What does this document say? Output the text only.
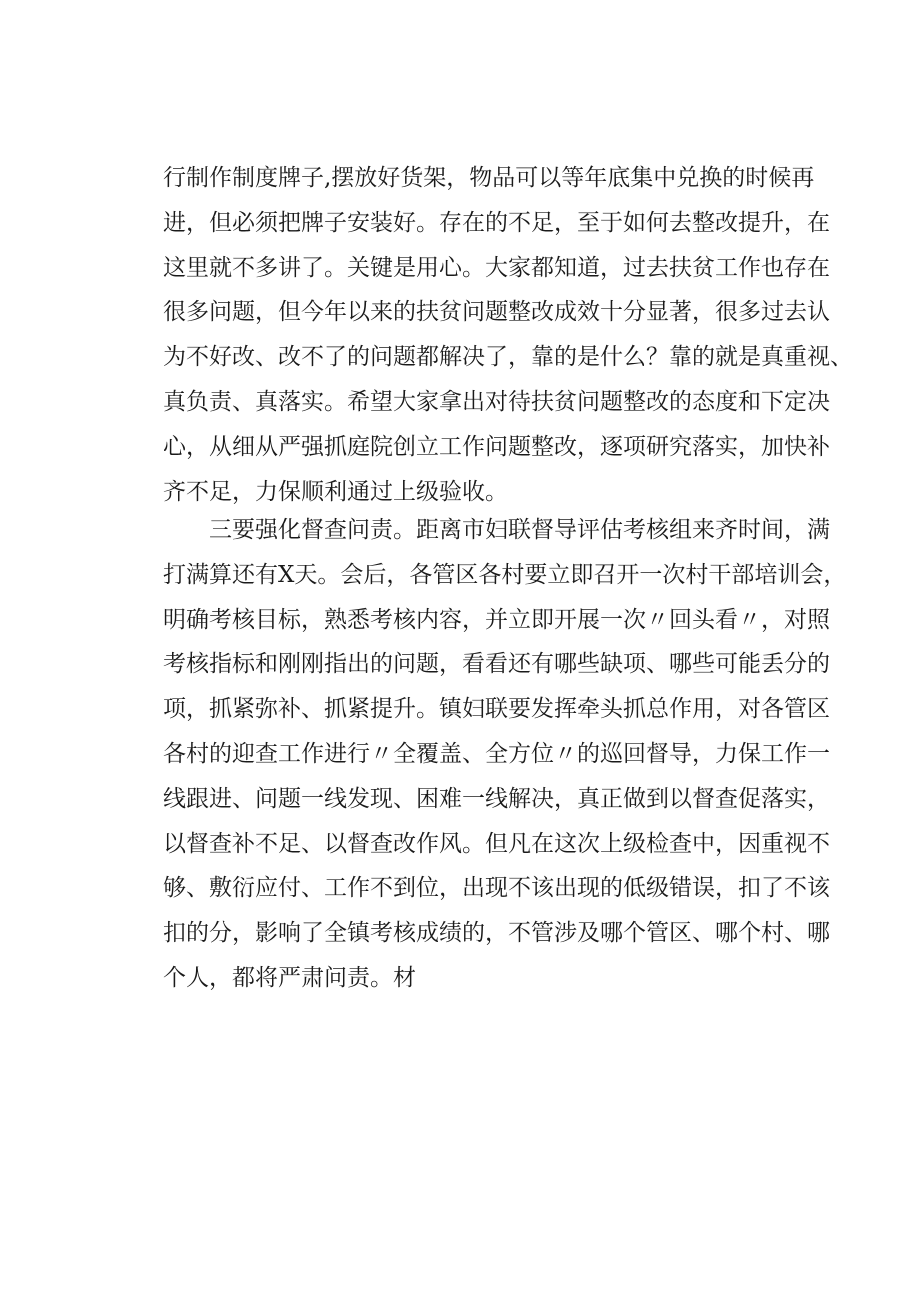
行制作制度牌子,摆放好货架，物品可以等年底集中兑换的时候再
进，但必须把牌子安装好。存在的不足，至于如何去整改提升，在
这里就不多讲了。关键是用心。大家都知道，过去扶贫工作也存在
很多问题，但今年以来的扶贫问题整改成效十分显著，很多过去认
为不好改、改不了的问题都解决了，靠的是什么？靠的就是真重视、
真负责、真落实。希望大家拿出对待扶贫问题整改的态度和下定决
心，从细从严强抓庭院创立工作问题整改，逐项研究落实，加快补
齐不足，力保顺利通过上级验收。
三要强化督查问责。距离市妇联督导评估考核组来齐时间，满
打满算还有X天。会后，各管区各村要立即召开一次村干部培训会，
明确考核目标，熟悉考核内容，并立即开展一次〃回头看〃，对照
考核指标和刚刚指出的问题，看看还有哪些缺项、哪些可能丢分的
项，抓紧弥补、抓紧提升。镇妇联要发挥牵头抓总作用，对各管区
各村的迎查工作进行〃全覆盖、全方位〃的巡回督导，力保工作一
线跟进、问题一线发现、困难一线解决，真正做到以督查促落实，
以督查补不足、以督查改作风。但凡在这次上级检查中，因重视不
够、敷衍应付、工作不到位，出现不该出现的低级错误，扣了不该
扣的分，影响了全镇考核成绩的，不管涉及哪个管区、哪个村、哪
个人，都将严肃问责。材
